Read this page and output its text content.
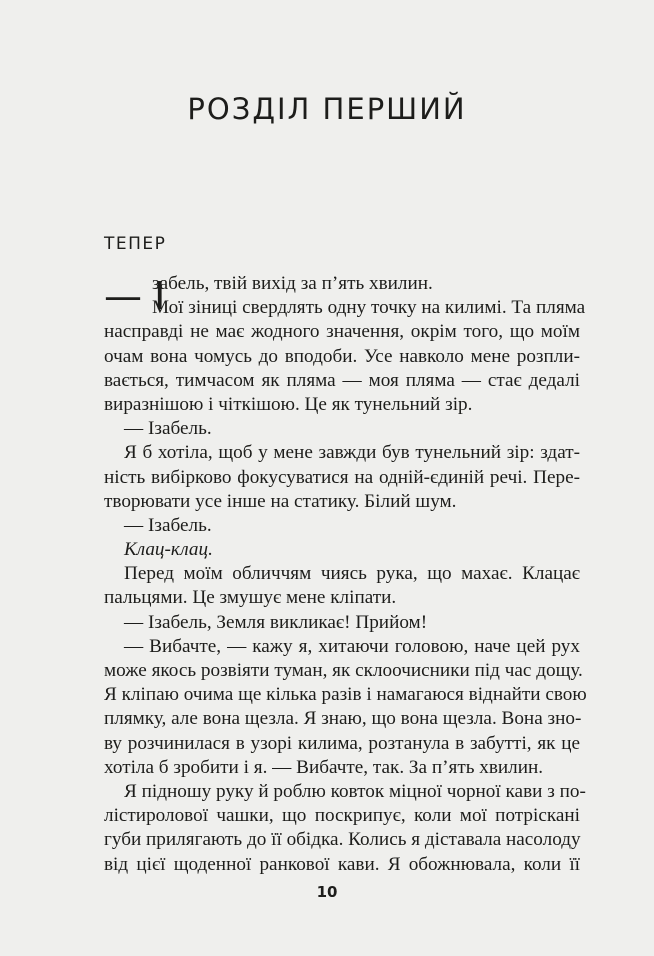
РОЗДІЛ ПЕРШИЙ
ТЕПЕР
— І
забель, твій вихід за п’ять хвилин.
Мої зіниці свердлять одну точку на килимі. Та пляма
насправді не має жодного значення, окрім того, що моїм
очам вона чомусь до вподоби. Усе навколо мене розпли-
вається, тимчасом як пляма — моя пляма — стає дедалі
виразнішою і чіткішою. Це як тунельний зір.
— Ізабель.
Я б хотіла, щоб у мене завжди був тунельний зір: здат-
ність вибірково фокусуватися на одній-єдиній речі. Пере-
творювати усе інше на статику. Білий шум.
— Ізабель.
Клац-клац.
Перед моїм обличчям чиясь рука, що махає. Клацає
пальцями. Це змушує мене кліпати.
— Ізабель, Земля викликає! Прийом!
— Вибачте, — кажу я, хитаючи головою, наче цей рух
може якось розвіяти туман, як склоочисники під час дощу.
Я кліпаю очима ще кілька разів і намагаюся віднайти свою
плямку, але вона щезла. Я знаю, що вона щезла. Вона зно-
ву розчинилася в узорі килима, розтанула в забутті, як це
хотіла б зробити і я. — Вибачте, так. За п’ять хвилин.
Я підношу руку й роблю ковток міцної чорної кави з по-
лістиролової чашки, що поскрипує, коли мої потріскані
губи прилягають до її обідка. Колись я діставала насолоду
від цієї щоденної ранкової кави. Я обожнювала, коли її
10
